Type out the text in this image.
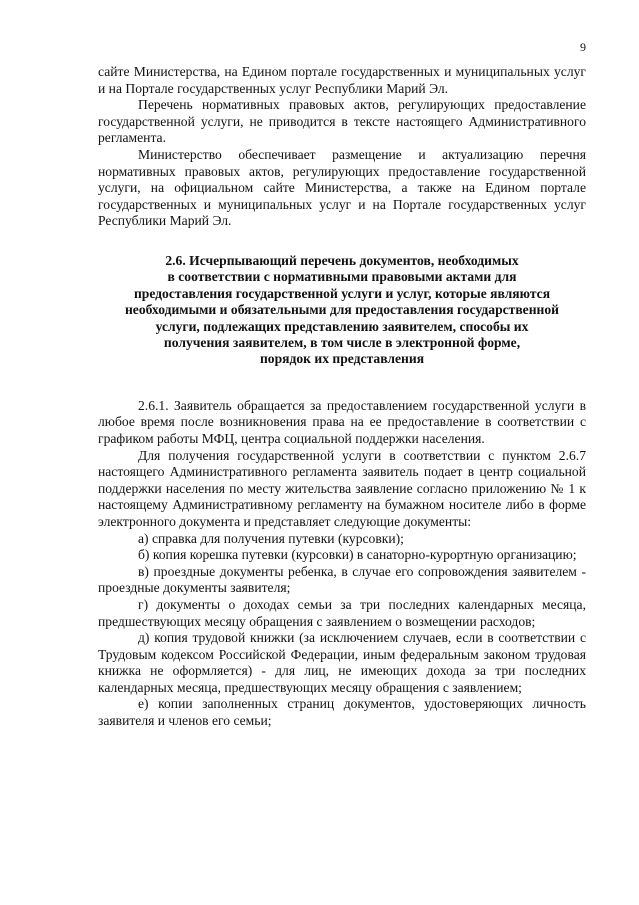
9

сайте Министерства, на Едином портале государственных и муниципальных услуг и на Портале государственных услуг Республики Марий Эл.

Перечень нормативных правовых актов, регулирующих предоставление государственной услуги, не приводится в тексте настоящего Административного регламента.

Министерство обеспечивает размещение и актуализацию перечня нормативных правовых актов, регулирующих предоставление государственной услуги, на официальном сайте Министерства, а также на Едином портале государственных и муниципальных услуг и на Портале государственных услуг Республики Марий Эл.

2.6. Исчерпывающий перечень документов, необходимых
в соответствии с нормативными правовыми актами для
предоставления государственной услуги и услуг, которые являются
необходимыми и обязательными для предоставления государственной
услуги, подлежащих представлению заявителем, способы их
получения заявителем, в том числе в электронной форме,
порядок их представления

2.6.1. Заявитель обращается за предоставлением государственной услуги в любое время после возникновения права на ее предоставление в соответствии с графиком работы МФЦ, центра социальной поддержки населения.

Для получения государственной услуги в соответствии с пунктом 2.6.7 настоящего Административного регламента заявитель подает в центр социальной поддержки населения по месту жительства заявление согласно приложению № 1 к настоящему Административному регламенту на бумажном носителе либо в форме электронного документа и представляет следующие документы:

а) справка для получения путевки (курсовки);

б) копия корешка путевки (курсовки) в санаторно-курортную организацию;

в) проездные документы ребенка, в случае его сопровождения заявителем - проездные документы заявителя;

г) документы о доходах семьи за три последних календарных месяца, предшествующих месяцу обращения с заявлением о возмещении расходов;

д) копия трудовой книжки (за исключением случаев, если в соответствии с Трудовым кодексом Российской Федерации, иным федеральным законом трудовая книжка не оформляется) - для лиц, не имеющих дохода за три последних календарных месяца, предшествующих месяцу обращения с заявлением;

е) копии заполненных страниц документов, удостоверяющих личность заявителя и членов его семьи;
